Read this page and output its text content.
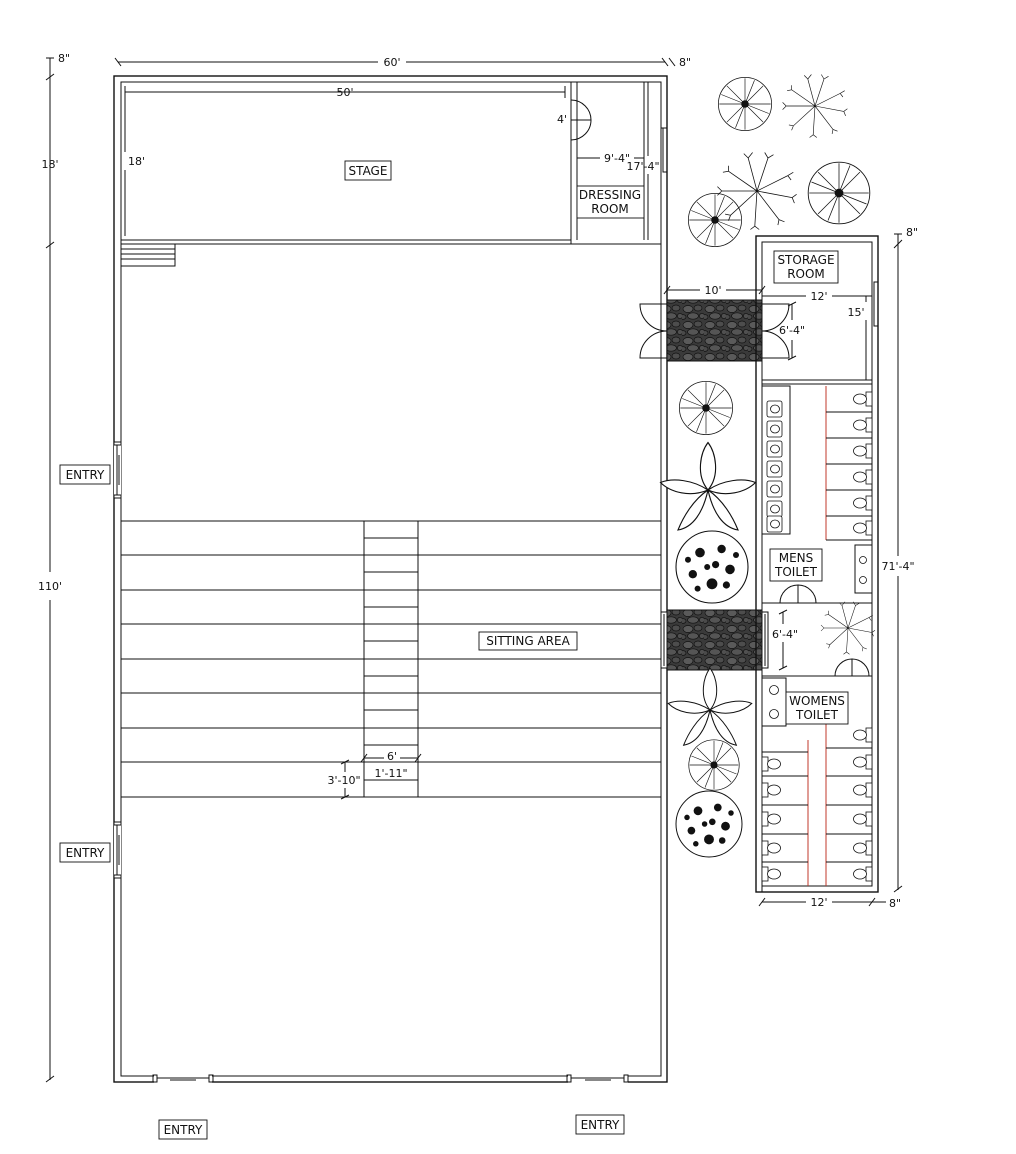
STAGE
DRESSING
ROOM
SITTING AREA
STORAGE
ROOM
MENS
TOILET
WOMENS
TOILET
ENTRY
ENTRY
ENTRY	ENTRY
60'
8"	8"
110'
18'
50'
18'
4'
9'-4"
17'-4"
10'
6'-4"
6'-4"
12'
15'
8"
71'-4"
12'	8"
6'
1'-11"
3'-10"
